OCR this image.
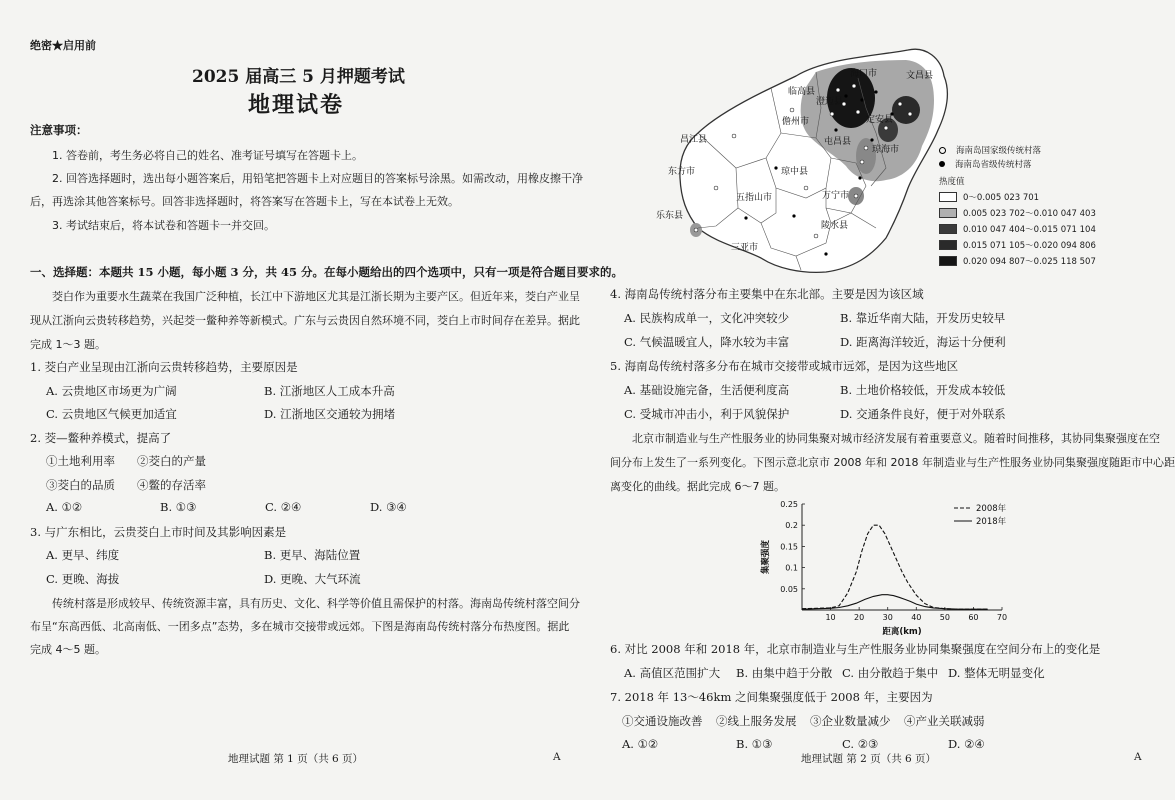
绝密★启用前
2025 届高三 5 月押题考试
地理试卷
注意事项：
1. 答卷前，考生务必将自己的姓名、准考证号填写在答题卡上。
2. 回答选择题时，选出每小题答案后，用铅笔把答题卡上对应题目的答案标号涂黑。如需改动，用橡皮擦干净
后，再选涂其他答案标号。回答非选择题时，将答案写在答题卡上，写在本试卷上无效。
3. 考试结束后，将本试卷和答题卡一并交回。
一、选择题：本题共 15 小题，每小题 3 分，共 45 分。在每小题给出的四个选项中，只有一项是符合题目要求的。
茭白作为重要水生蔬菜在我国广泛种植，长江中下游地区尤其是江浙长期为主要产区。但近年来，茭白产业呈
现从江浙向云贵转移趋势，兴起茭一鳖种养等新模式。广东与云贵因自然环境不同，茭白上市时间存在差异。据此
完成 1～3 题。
1. 茭白产业呈现由江浙向云贵转移趋势，主要原因是
A. 云贵地区市场更为广阔	B. 江浙地区人工成本升高
C. 云贵地区气候更加适宜	D. 江浙地区交通较为拥堵
2. 茭—鳖种养模式，提高了
①土地利用率 ②茭白的产量
③茭白的品质 ④鳖的存活率
A. ①②	B. ①③	C. ②④	D. ③④
3. 与广东相比，云贵茭白上市时间及其影响因素是
A. 更早、纬度	B. 更早、海陆位置
C. 更晚、海拔	D. 更晚、大气环流
传统村落是形成较早、传统资源丰富，具有历史、文化、科学等价值且需保护的村落。海南岛传统村落空间分
布呈“东高西低、北高南低、一团多点”态势，多在城市交接带或远郊。下图是海南岛传统村落分布热度图。据此
完成 4～5 题。
地理试题 第 1 页（共 6 页）	A
海口市	文昌县
临高县
澄迈县
定安县
儋州市
屯昌县
琼海市
昌江县
东方市	琼中县
万宁市
五指山市
乐东县
陵水县
三亚市
海南岛国家级传统村落
海南岛省级传统村落
热度值
0～0.005 023 701
0.005 023 702～0.010 047 403
0.010 047 404～0.015 071 104
0.015 071 105～0.020 094 806
0.020 094 807～0.025 118 507
4. 海南岛传统村落分布主要集中在东北部。主要是因为该区域
A. 民族构成单一，文化冲突较少	B. 靠近华南大陆，开发历史较早
C. 气候温暖宜人，降水较为丰富	D. 距离海洋较近，海运十分便利
5. 海南岛传统村落多分布在城市交接带或城市远郊，是因为这些地区
A. 基础设施完备，生活便利度高	B. 土地价格较低，开发成本较低
C. 受城市冲击小，利于风貌保护	D. 交通条件良好，便于对外联系
北京市制造业与生产性服务业的协同集聚对城市经济发展有着重要意义。随着时间推移，其协同集聚强度在空
间分布上发生了一系列变化。下图示意北京市 2008 年和 2018 年制造业与生产性服务业协同集聚强度随距市中心距
离变化的曲线。据此完成 6～7 题。
10 20 30 40 50 60 70
0.05
0.1
0.15
0.2
0.25
距离(km)
集聚强度
2008年
2018年
6. 对比 2008 年和 2018 年，北京市制造业与生产性服务业协同集聚强度在空间分布上的变化是
A. 高值区范围扩大 B. 由集中趋于分散 C. 由分散趋于集中 D. 整体无明显变化
7. 2018 年 13～46km 之间集聚强度低于 2008 年，主要因为
①交通设施改善 ②线上服务发展 ③企业数量减少 ④产业关联减弱
A. ①②	B. ①③	C. ②③	D. ②④
地理试题 第 2 页（共 6 页）	A
